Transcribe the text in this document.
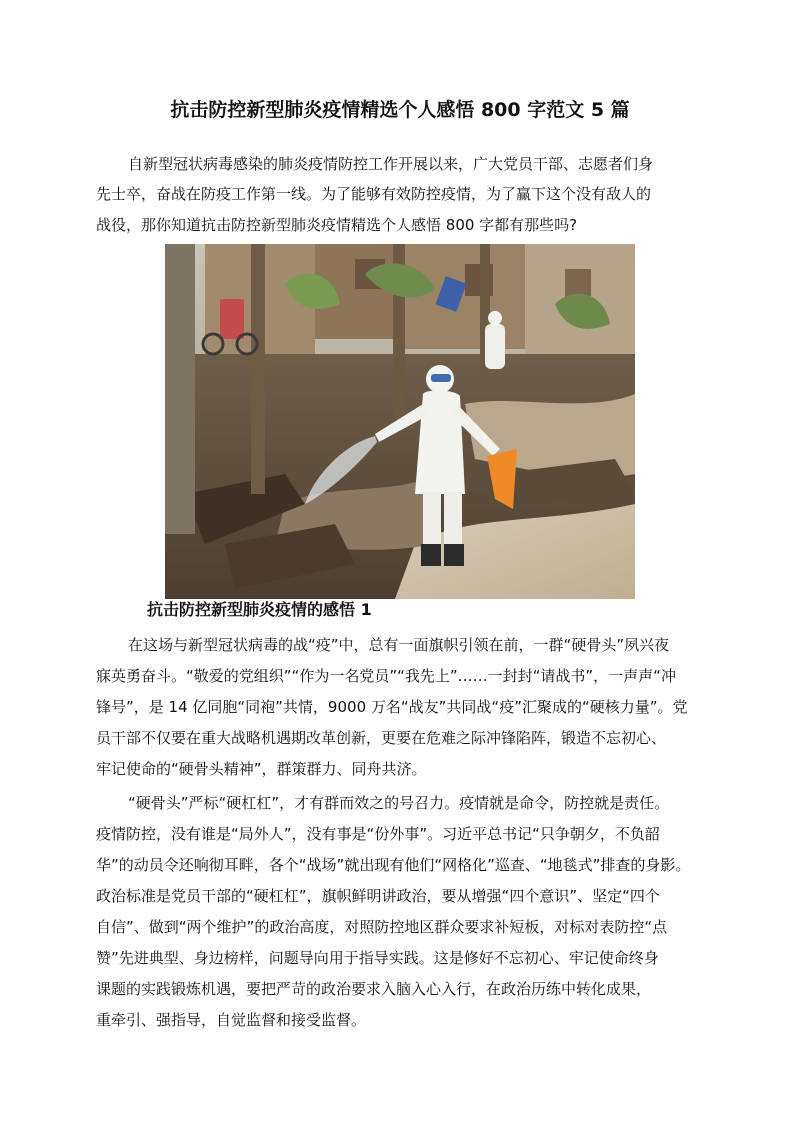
抗击防控新型肺炎疫情精选个人感悟 800 字范文 5 篇
自新型冠状病毒感染的肺炎疫情防控工作开展以来，广大党员干部、志愿者们身
先士卒，奋战在防疫工作第一线。为了能够有效防控疫情，为了赢下这个没有敌人的
战役，那你知道抗击防控新型肺炎疫情精选个人感悟 800 字都有那些吗?
抗击防控新型肺炎疫情的感悟 1
在这场与新型冠状病毒的战“疫”中，总有一面旗帜引领在前，一群“硬骨头”夙兴夜
寐英勇奋斗。“敬爱的党组织”“作为一名党员”“我先上”……一封封“请战书”，一声声“冲
锋号”，是 14 亿同胞“同袍”共情，9000 万名“战友”共同战“疫”汇聚成的“硬核力量”。党
员干部不仅要在重大战略机遇期改革创新，更要在危难之际冲锋陷阵，锻造不忘初心、
牢记使命的“硬骨头精神”，群策群力、同舟共济。
“硬骨头”严标“硬杠杠”，才有群而效之的号召力。疫情就是命令，防控就是责任。
疫情防控，没有谁是“局外人”，没有事是“份外事”。习近平总书记“只争朝夕，不负韶
华”的动员令还响彻耳畔，各个“战场”就出现有他们“网格化”巡查、“地毯式”排查的身影。
政治标准是党员干部的“硬杠杠”，旗帜鲜明讲政治，要从增强“四个意识”、坚定“四个
自信”、做到“两个维护”的政治高度，对照防控地区群众要求补短板，对标对表防控“点
赞”先进典型、身边榜样，问题导向用于指导实践。这是修好不忘初心、牢记使命终身
课题的实践锻炼机遇，要把严苛的政治要求入脑入心入行，在政治历练中转化成果，
重牵引、强指导，自觉监督和接受监督。
